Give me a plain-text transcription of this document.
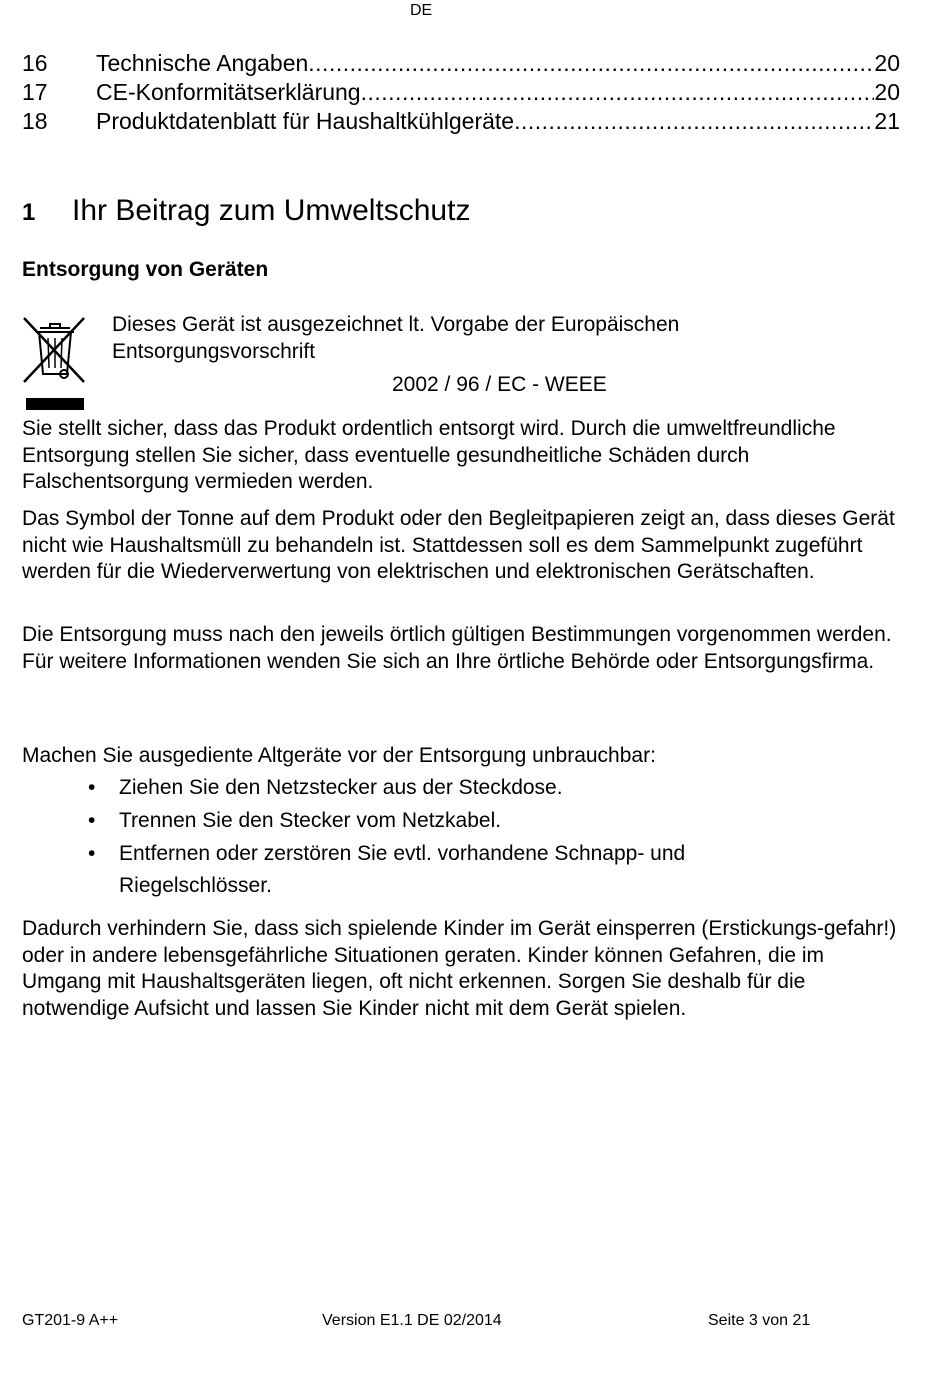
DE
16	Technische Angaben .....	20
17	CE-Konformitätserklärung .....	20
18	Produktdatenblatt für Haushaltkühlgeräte .....	21
1 Ihr Beitrag zum Umweltschutz
Entsorgung von Geräten
Dieses Gerät ist ausgezeichnet lt. Vorgabe der Europäischen Entsorgungsvorschrift
2002 / 96 / EC - WEEE
Sie stellt sicher, dass das Produkt ordentlich entsorgt wird. Durch die umweltfreundliche Entsorgung stellen Sie sicher, dass eventuelle gesundheitliche Schäden durch Falschentsorgung vermieden werden.
Das Symbol der Tonne auf dem Produkt oder den Begleitpapieren zeigt an, dass dieses Gerät nicht wie Haushaltsmüll zu behandeln ist. Stattdessen soll es dem Sammelpunkt zugeführt werden für die Wiederverwertung von elektrischen und elektronischen Gerätschaften.
Die Entsorgung muss nach den jeweils örtlich gültigen Bestimmungen vorgenommen werden. Für weitere Informationen wenden Sie sich an Ihre örtliche Behörde oder Entsorgungsfirma.
Machen Sie ausgediente Altgeräte vor der Entsorgung unbrauchbar:
• Ziehen Sie den Netzstecker aus der Steckdose.
• Trennen Sie den Stecker vom Netzkabel.
• Entfernen oder zerstören Sie evtl. vorhandene Schnapp- und Riegelschlösser.
Dadurch verhindern Sie, dass sich spielende Kinder im Gerät einsperren (Erstickungs-gefahr!) oder in andere lebensgefährliche Situationen geraten. Kinder können Gefahren, die im Umgang mit Haushaltsgeräten liegen, oft nicht erkennen. Sorgen Sie deshalb für die notwendige Aufsicht und lassen Sie Kinder nicht mit dem Gerät spielen.
GT201-9 A++	Version E1.1 DE 02/2014	Seite 3 von 21
